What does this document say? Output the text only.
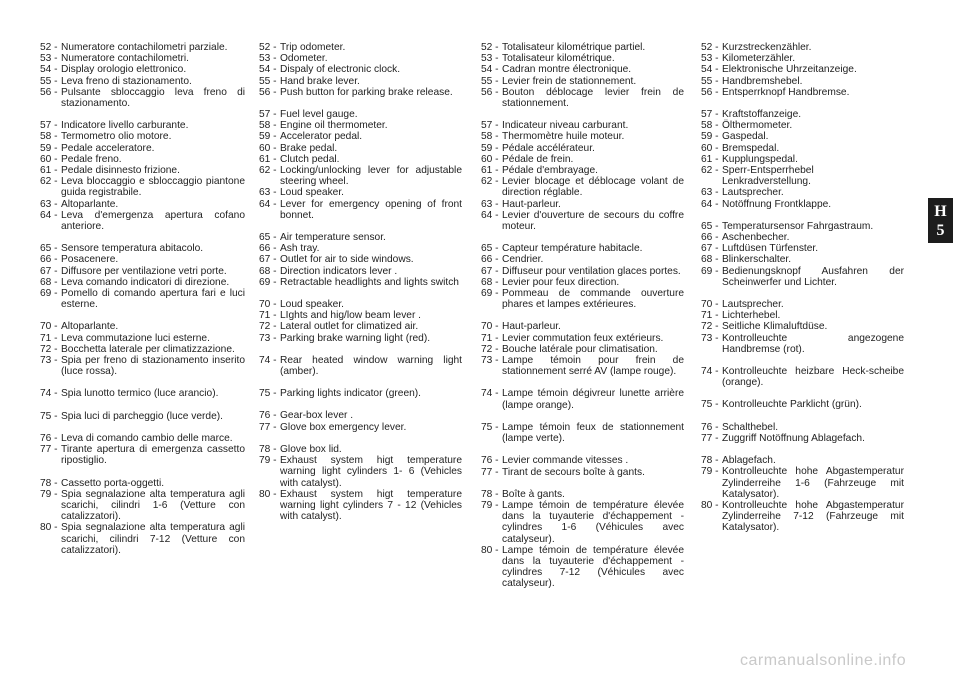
52 - Numeratore contachilometri parziale.
53 - Numeratore contachilometri.
54 - Display orologio elettronico.
55 - Leva freno di stazionamento.
56 - Pulsante sbloccaggio leva freno di stazionamento.
57 - Indicatore livello carburante.
58 - Termometro olio motore.
59 - Pedale acceleratore.
60 - Pedale freno.
61 - Pedale disinnesto frizione.
62 - Leva bloccaggio e sbloccaggio piantone guida registrabile.
63 - Altoparlante.
64 - Leva d'emergenza apertura cofano anteriore.
65 - Sensore temperatura abitacolo.
66 - Posacenere.
67 - Diffusore per ventilazione vetri porte.
68 - Leva comando indicatori di direzione.
69 - Pomello di comando apertura fari e luci esterne.
70 - Altoparlante.
71 - Leva commutazione luci esterne.
72 - Bocchetta laterale per climatizzazione.
73 - Spia per freno di stazionamento inserito (luce rossa).
74 - Spia lunotto termico (luce arancio).
75 - Spia luci di parcheggio (luce verde).
76 - Leva di comando cambio delle marce.
77 - Tirante apertura di emergenza cassetto ripostiglio.
78 - Cassetto porta-oggetti.
79 - Spia segnalazione alta temperatura agli scarichi, cilindri 1-6 (Vetture con catalizzatori).
80 - Spia segnalazione alta temperatura agli scarichi, cilindri 7-12 (Vetture con catalizzatori).
52 - Trip odometer.
53 - Odometer.
54 - Dispaly of electronic clock.
55 - Hand brake lever.
56 - Push button for parking brake release.
57 - Fuel level gauge.
58 - Engine oil thermometer.
59 - Accelerator pedal.
60 - Brake pedal.
61 - Clutch pedal.
62 - Locking/unlocking lever for adjustable steering wheel.
63 - Loud speaker.
64 - Lever for emergency opening of front bonnet.
65 - Air temperature sensor.
66 - Ash tray.
67 - Outlet for air to side windows.
68 - Direction indicators lever .
69 - Retractable headlights and lights switch
70 - Loud speaker.
71 - LIghts and hig/low beam lever .
72 - Lateral outlet for climatized air.
73 - Parking brake warning light (red).
74 - Rear heated window warning light (amber).
75 - Parking lights indicator (green).
76 - Gear-box lever .
77 - Glove box emergency lever.
78 - Glove box lid.
79 - Exhaust system higt temperature warning light cylinders 1- 6 (Vehicles with catalyst).
80 - Exhaust system higt temperature warning light cylinders 7 - 12 (Vehicles with catalyst).
52 - Totalisateur kilométrique partiel.
53 - Totalisateur kilométrique.
54 - Cadran montre électronique.
55 - Levier frein de stationnement.
56 - Bouton déblocage levier frein de stationnement.
57 - Indicateur niveau carburant.
58 - Thermomètre huile moteur.
59 - Pédale accélérateur.
60 - Pédale de frein.
61 - Pédale d'embrayage.
62 - Levier blocage et déblocage volant de direction réglable.
63 - Haut-parleur.
64 - Levier d'ouverture de secours du coffre moteur.
65 - Capteur température habitacle.
66 - Cendrier.
67 - Diffuseur pour ventilation glaces portes.
68 - Levier pour feux direction.
69 - Pommeau de commande ouverture phares et lampes extérieures.
70 - Haut-parleur.
71 - Levier commutation feux extérieurs.
72 - Bouche latérale pour climatisation.
73 - Lampe témoin pour frein de stationnement serré AV (lampe rouge).
74 - Lampe témoin dégivreur lunette arrière (lampe orange).
75 - Lampe témoin feux de stationnement (lampe verte).
76 - Levier commande vitesses .
77 - Tirant de secours boîte à gants.
78 - Boîte à gants.
79 - Lampe témoin de température élevée dans la tuyauterie d'échappement - cylindres 1-6 (Véhicules avec catalyseur).
80 - Lampe témoin de température élevée dans la tuyauterie d'échappement - cylindres 7-12 (Véhicules avec catalyseur).
52 - Kurzstreckenzähler.
53 - Kilometerzähler.
54 - Elektronische Uhrzeitanzeige.
55 - Handbremshebel.
56 - Entsperrknopf Handbremse.
57 - Kraftstoffanzeige.
58 - Ölthermometer.
59 - Gaspedal.
60 - Bremspedal.
61 - Kupplungspedal.
62 - Sperr-Entsperrhebel Lenkradverstellung.
63 - Lautsprecher.
64 - Notöffnung Frontklappe.
65 - Temperatursensor Fahrgastraum.
66 - Aschenbecher.
67 - Luftdüsen Türfenster.
68 - Blinkerschalter.
69 - Bedienungsknopf Ausfahren der Scheinwerfer und Lichter.
70 - Lautsprecher.
71 - Lichterhebel.
72 - Seitliche Klimaluftdüse.
73 - Kontrolleuchte angezogene Handbremse (rot).
74 - Kontrolleuchte heizbare Heck-scheibe (orange).
75 - Kontrolleuchte Parklicht (grün).
76 - Schalthebel.
77 - Zuggriff Notöffnung Ablagefach.
78 - Ablagefach.
79 - Kontrolleuchte hohe Abgastemperatur Zylinderreihe 1-6 (Fahrzeuge mit Katalysator).
80 - Kontrolleuchte hohe Abgastemperatur Zylinderreihe 7-12 (Fahrzeuge mit Katalysator).
H
5
carmanualsonline.info
